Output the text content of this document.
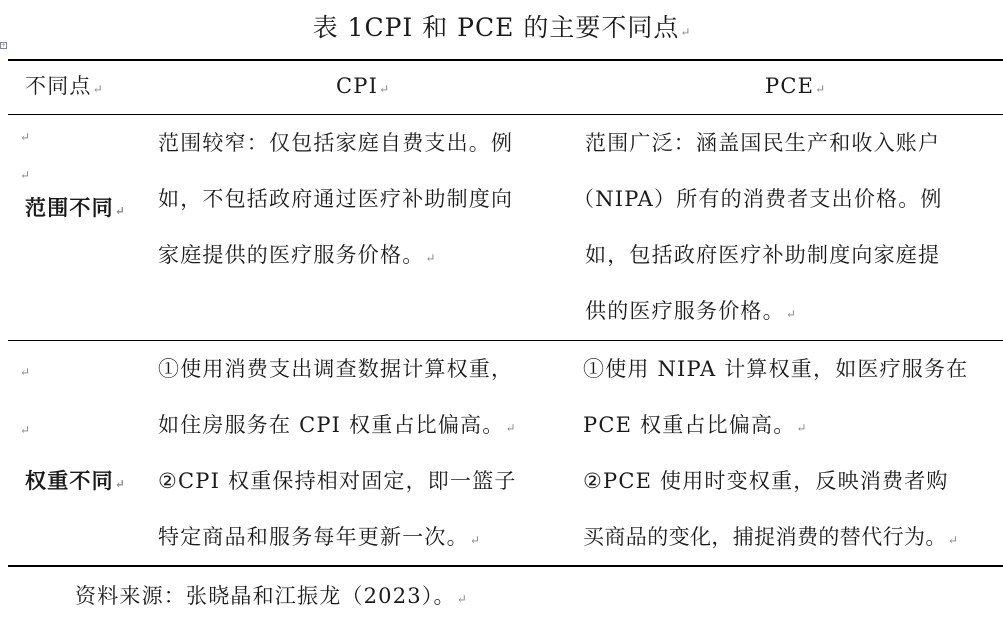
表 1CPI 和 PCE 的主要不同点↵
+
不同点↵	CPI↵	PCE↵
↵
↵
范围不同↵
范围较窄：仅包括家庭自费支出。例
如，不包括政府通过医疗补助制度向
家庭提供的医疗服务价格。↵
范围广泛：涵盖国民生产和收入账户
（NIPA）所有的消费者支出价格。例
如，包括政府医疗补助制度向家庭提
供的医疗服务价格。↵
↵
↵
权重不同↵
①使用消费支出调查数据计算权重，
如住房服务在 CPI 权重占比偏高。↵
②CPI 权重保持相对固定，即一篮子
特定商品和服务每年更新一次。↵
①使用 NIPA 计算权重，如医疗服务在
PCE 权重占比偏高。↵
②PCE 使用时变权重，反映消费者购
买商品的变化，捕捉消费的替代行为。↵
资料来源：张晓晶和江振龙（2023）。↵
